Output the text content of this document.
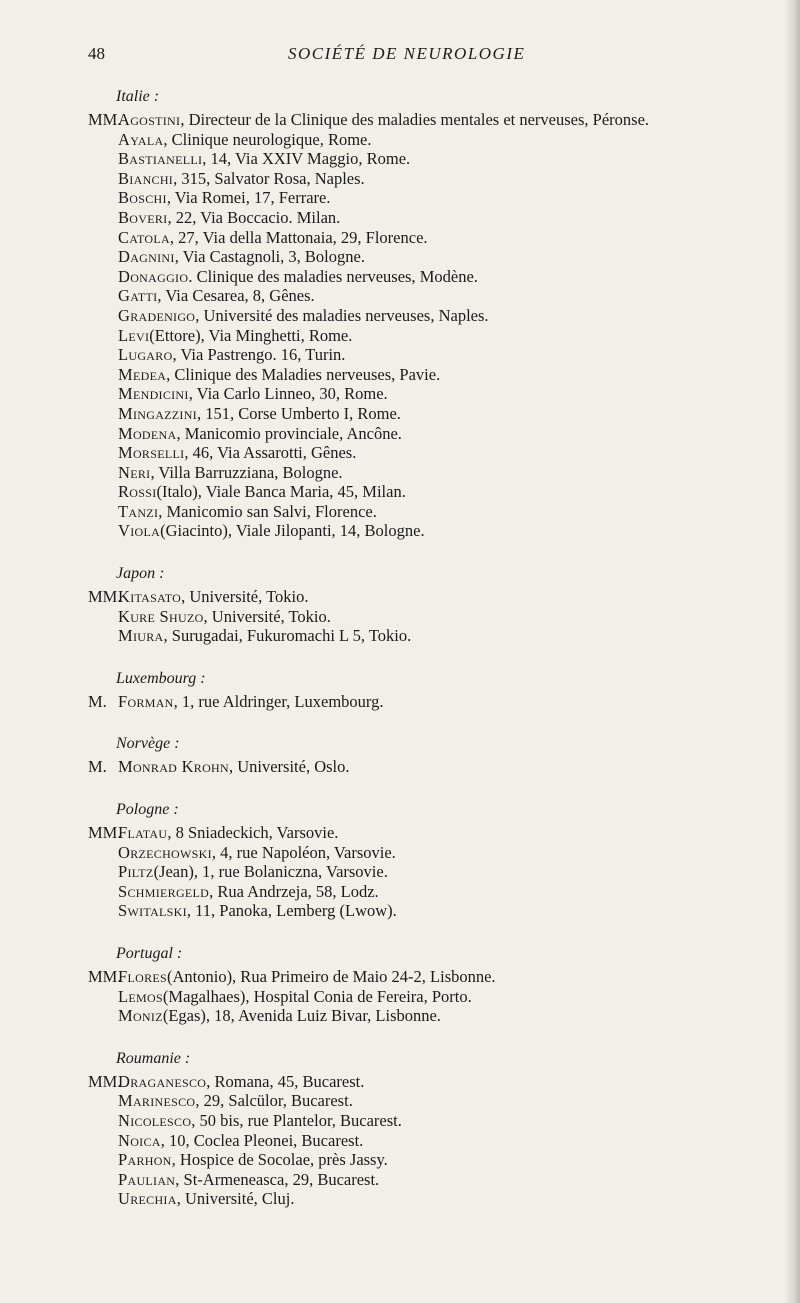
48	SOCIÉTÉ DE NEUROLOGIE
Italie :
MM.
Agostini , Directeur de la Clinique des maladies mentales et nerveuses, Péronse.
Ayala , Clinique neurologique, Rome.
Bastianelli , 14, Via XXIV Maggio, Rome.
Bianchi , 315, Salvator Rosa, Naples.
Boschi , Via Romei, 17, Ferrare.
Boveri , 22, Via Boccacio. Milan.
Catola , 27, Via della Mattonaia, 29, Florence.
Dagnini , Via Castagnoli, 3, Bologne.
Donaggio . Clinique des maladies nerveuses, Modène.
Gatti , Via Cesarea, 8, Gênes.
Gradenigo , Université des maladies nerveuses, Naples.
Levi (Ettore), Via Minghetti, Rome.
Lugaro , Via Pastrengo. 16, Turin.
Medea , Clinique des Maladies nerveuses, Pavie.
Mendicini , Via Carlo Linneo, 30, Rome.
Mingazzini , 151, Corse Umberto I, Rome.
Modena , Manicomio provinciale, Ancône.
Morselli , 46, Via Assarotti, Gênes.
Neri , Villa Barruzziana, Bologne.
Rossi (Italo), Viale Banca Maria, 45, Milan.
Tanzi , Manicomio san Salvi, Florence.
Viola (Giacinto), Viale Jilopanti, 14, Bologne.
Japon :
MM.
Kitasato , Université, Tokio.
Kure Shuzo , Université, Tokio.
Miura , Surugadai, Fukuromachi L 5, Tokio.
Luxembourg :
M. Forman , 1, rue Aldringer, Luxembourg.
Norvège :
M. Monrad Krohn , Université, Oslo.
Pologne :
MM.
Flatau , 8 Sniadeckich, Varsovie.
Orzechowski , 4, rue Napoléon, Varsovie.
Piltz (Jean), 1, rue Bolaniczna, Varsovie.
Schmiergeld , Rua Andrzeja, 58, Lodz.
Switalski , 11, Panoka, Lemberg (Lwow).
Portugal :
MM.
Flores (Antonio), Rua Primeiro de Maio 24-2, Lisbonne.
Lemos (Magalhaes), Hospital Conia de Fereira, Porto.
Moniz (Egas), 18, Avenida Luiz Bivar, Lisbonne.
Roumanie :
MM.
Draganesco , Romana, 45, Bucarest.
Marinesco , 29, Salcülor, Bucarest.
Nicolesco , 50 bis, rue Plantelor, Bucarest.
Noica , 10, Coclea Pleonei, Bucarest.
Parhon , Hospice de Socolae, près Jassy.
Paulian , St-Armeneasca, 29, Bucarest.
Urechia , Université, Cluj.
